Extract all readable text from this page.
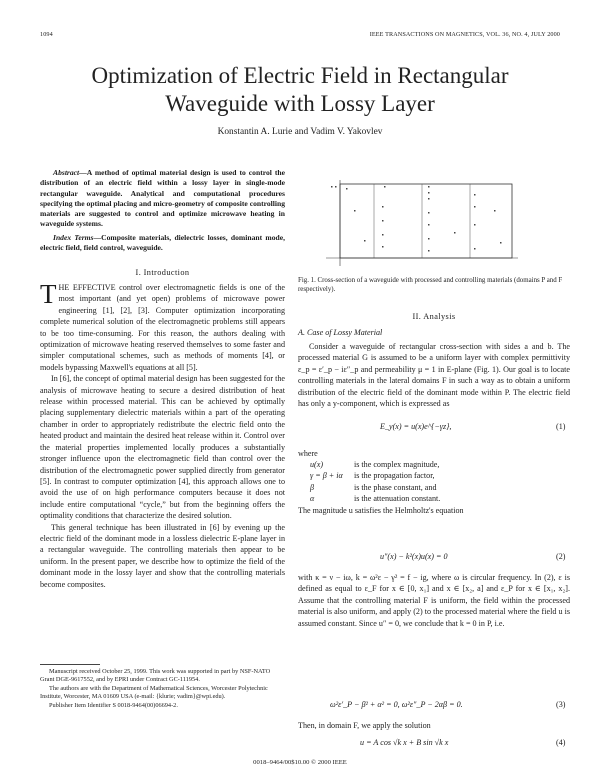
1094	IEEE TRANSACTIONS ON MAGNETICS, VOL. 36, NO. 4, JULY 2000
Optimization of Electric Field in Rectangular
Waveguide with Lossy Layer
Konstantin A. Lurie and Vadim V. Yakovlev

Abstract—A method of optimal material design is used to control the distribution of an electric field within a lossy layer in single-mode rectangular waveguide. Analytical and computational procedures specifying the optimal placing and micro-geometry of composite controlling materials are suggested to control and optimize microwave heating in waveguide systems.

Index Terms—Composite materials, dielectric losses, dominant mode, electric field, field control, waveguide.

I. Introduction

THE EFFECTIVE control over electromagnetic fields is one of the most important (and yet open) problems of microwave power engineering [1], [2], [3]. Computer optimization incorporating complete numerical solution of the electromagnetic problems still appears to be too time-consuming. For this reason, the authors dealing with optimization of microwave heating reserved themselves to some faster and simpler computational schemes, such as methods of moments [4], or models bypassing Maxwell's equations at all [5].

In [6], the concept of optimal material design has been suggested for the analysis of microwave heating to secure a desired distribution of heat release within processed material. This can be achieved by optimally placing supplementary dielectric materials within a part of the operating chamber in order to appropriately redistribute the electric field onto the heated product and maintain the desired heat release within it. Control over the material properties implemented locally produces a substantially stronger influence upon the electromagnetic field than control over the distribution of the electromagnetic power supplied directly from generator [5]. In contrast to computer optimization [4], this approach allows one to avoid the use of on high performance computers because it does not include entire computational “cycle,” but from the beginning offers the optimality conditions that characterize the desired solution.

This general technique has been illustrated in [6] by evening up the electric field of the dominant mode in a lossless dielectric E-plane layer in a rectangular waveguide. The controlling materials then appear to be uniform. In the present paper, we describe how to optimize the field of the dominant mode in the lossy layer and show that the controlling materials become composites.

Manuscript received October 25, 1999. This work was supported in part by NSF-NATO Grant DGE-9617552, and by EPRI under Contract GC-111954.

The authors are with the Department of Mathematical Sciences, Worcester Polytechnic Institute, Worcester, MA 01609 USA (e-mail: {klurie; vadim}@wpi.edu).

Publisher Item Identifier S 0018-9464(00)06694-2.

0018–9464/00$10.00 © 2000 IEEE
Fig. 1. Cross-section of a waveguide with processed and controlling materials (domains P and F respectively).
II. Analysis
A. Case of Lossy Material

Consider a waveguide of rectangular cross-section with sides a and b. The processed material G is assumed to be a uniform layer with complex permittivity ε_p = ε′_p − iε″_p and permeability μ = 1 in E-plane (Fig. 1). Our goal is to locate controlling materials in the lateral domains F in such a way as to obtain a uniform distribution of the electric field of the dominant mode within P. The electric field has only a y-component, which is expressed as

E_y(x) = u(x)e^{−γz},	(1)
where
u(x)	is the complex magnitude,
γ = β + iα is the propagation factor,
β	is the phase constant, and
α	is the attenuation constant.
The magnitude u satisfies the Helmholtz's equation
u″(x) − k²(x)u(x) = 0	(2)

with κ = ν − iω, k = ω²ε − γ² = f − ig, where ω is circular frequency. In (2), ε is defined as equal to ε_F for x ∈ [0, x₁] and x ∈ [x₂, a] and ε_P for x ∈ [x₁, x₂]. Assume that the controlling material F is uniform, the field within the processed material is also uniform, and apply (2) to the processed material where the field u is assumed constant. Since u″ = 0, we conclude that k = 0 in P, i.e.

ω²ε′_P − β² + α² = 0, ω²ε″_P − 2αβ = 0.	(3)
Then, in domain F, we apply the solution
u = A cos √k x + B sin √k x	(4)
